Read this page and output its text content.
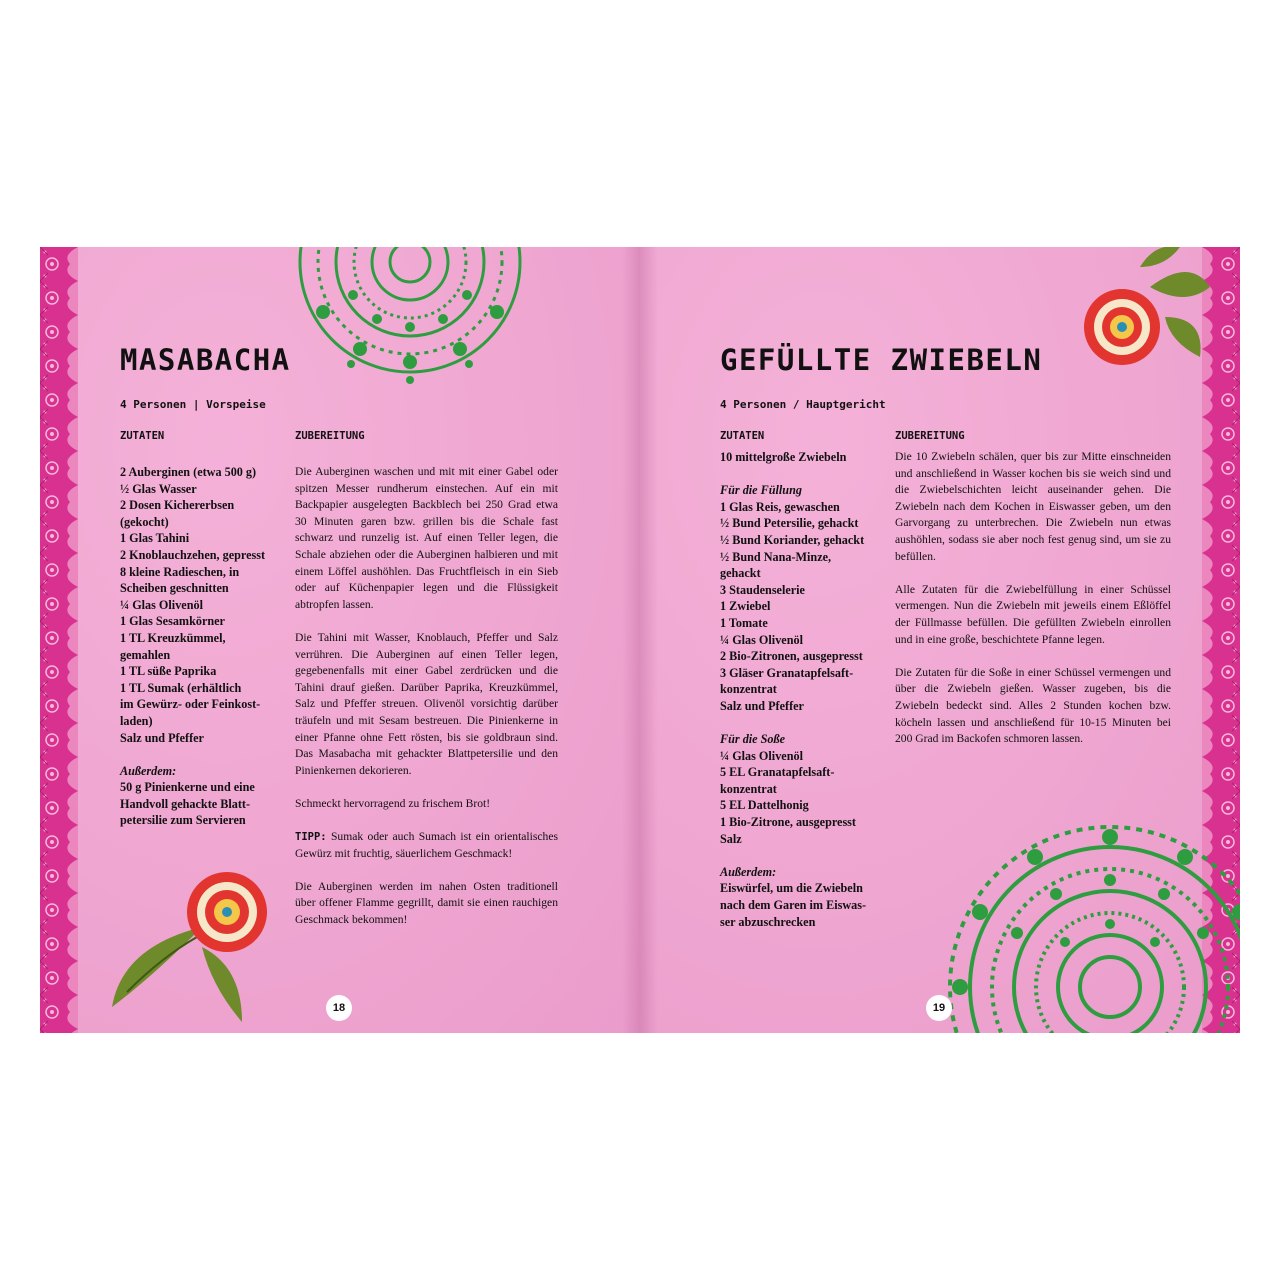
MASABACHA

4 Personen | Vorspeise

ZUTATEN	ZUBEREITUNG

2 Auberginen (etwa 500 g)
½ Glas Wasser
2 Dosen Kichererbsen
(gekocht)
1 Glas Tahini
2 Knoblauchzehen, gepresst
8 kleine Radieschen, in
Scheiben geschnitten
¼ Glas Olivenöl
1 Glas Sesamkörner
1 TL Kreuzkümmel,
gemahlen
1 TL süße Paprika
1 TL Sumak (erhältlich
im Gewürz- oder Feinkost-
laden)
Salz und Pfeffer
Außerdem:
50 g Pinienkerne und eine
Handvoll gehackte Blatt-
petersilie zum Servieren

Die Auberginen waschen und mit mit einer Gabel oder spitzen Messer rundherum einstechen. Auf ein mit Backpapier ausgelegten Backblech bei 250 Grad etwa 30 Minuten garen bzw. grillen bis die Schale fast schwarz und runzelig ist. Auf einen Teller legen, die Schale abziehen oder die Auberginen halbieren und mit einem Löffel aushöhlen. Das Fruchtfleisch in ein Sieb oder auf Küchenpapier legen und die Flüssigkeit abtropfen lassen.

Die Tahini mit Wasser, Knoblauch, Pfeffer und Salz verrühren. Die Auberginen auf einen Teller legen, gegebenenfalls mit einer Gabel zerdrücken und die Tahini drauf gießen. Darüber Paprika, Kreuzkümmel, Salz und Pfeffer streuen. Olivenöl vorsichtig darüber träufeln und mit Sesam bestreuen. Die Pinienkerne in einer Pfanne ohne Fett rösten, bis sie goldbraun sind. Das Masabacha mit gehackter Blattpetersilie und den Pinienkernen dekorieren.

Schmeckt hervorragend zu frischem Brot!

TIPP: Sumak oder auch Sumach ist ein orientalisches Gewürz mit fruchtig, säuerlichem Geschmack!

Die Auberginen werden im nahen Osten traditionell über offener Flamme gegrillt, damit sie einen rauchigen Geschmack bekommen!

18
GEFÜLLTE ZWIEBELN

4 Personen / Hauptgericht

ZUTATEN	ZUBEREITUNG

10 mittelgroße Zwiebeln
Für die Füllung
1 Glas Reis, gewaschen
½ Bund Petersilie, gehackt
½ Bund Koriander, gehackt
½ Bund Nana-Minze,
gehackt
3 Staudenselerie
1 Zwiebel
1 Tomate
¼ Glas Olivenöl
2 Bio-Zitronen, ausgepresst
3 Gläser Granatapfelsaft-
konzentrat
Salz und Pfeffer
Für die Soße
¼ Glas Olivenöl
5 EL Granatapfelsaft-
konzentrat
5 EL Dattelhonig
1 Bio-Zitrone, ausgepresst
Salz
Außerdem:
Eiswürfel, um die Zwiebeln
nach dem Garen im Eiswas-
ser abzuschrecken

Die 10 Zwiebeln schälen, quer bis zur Mitte einschneiden und anschließend in Wasser kochen bis sie weich sind und die Zwiebelschichten leicht auseinander gehen. Die Zwiebeln nach dem Kochen in Eiswasser geben, um den Garvorgang zu unterbrechen. Die Zwiebeln nun etwas aushöhlen, sodass sie aber noch fest genug sind, um sie zu befüllen.

Alle Zutaten für die Zwiebelfüllung in einer Schüssel vermengen. Nun die Zwiebeln mit jeweils einem Eßlöffel der Füllmasse befüllen. Die gefüllten Zwiebeln einrollen und in eine große, beschichtete Pfanne legen.

Die Zutaten für die Soße in einer Schüssel vermengen und über die Zwiebeln gießen. Wasser zugeben, bis die Zwiebeln bedeckt sind. Alles 2 Stunden kochen bzw. köcheln lassen und anschließend für 10-15 Minuten bei 200 Grad im Backofen schmoren lassen.

19
